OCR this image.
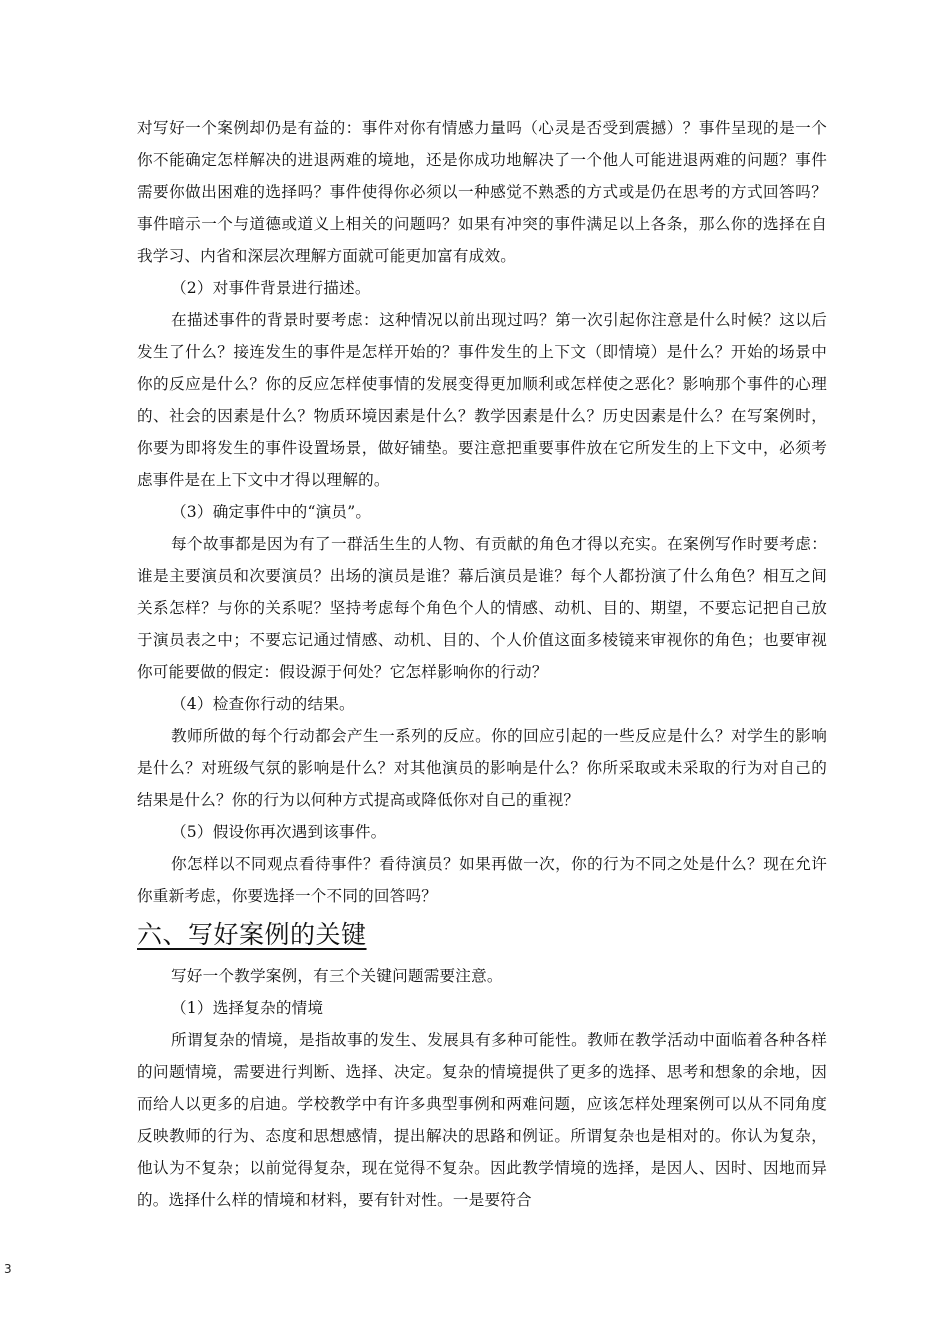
对写好一个案例却仍是有益的：事件对你有情感力量吗（心灵是否受到震撼）？事件呈现的是一个你不能确定怎样解决的进退两难的境地，还是你成功地解决了一个他人可能进退两难的问题？事件需要你做出困难的选择吗？事件使得你必须以一种感觉不熟悉的方式或是仍在思考的方式回答吗？事件暗示一个与道德或道义上相关的问题吗？如果有冲突的事件满足以上各条，那么你的选择在自我学习、内省和深层次理解方面就可能更加富有成效。

（2）对事件背景进行描述。

在描述事件的背景时要考虑：这种情况以前出现过吗？第一次引起你注意是什么时候？这以后发生了什么？接连发生的事件是怎样开始的？事件发生的上下文（即情境）是什么？开始的场景中你的反应是什么？你的反应怎样使事情的发展变得更加顺利或怎样使之恶化？影响那个事件的心理的、社会的因素是什么？物质环境因素是什么？教学因素是什么？历史因素是什么？在写案例时，你要为即将发生的事件设置场景，做好铺垫。要注意把重要事件放在它所发生的上下文中，必须考虑事件是在上下文中才得以理解的。

（3）确定事件中的“演员”。

每个故事都是因为有了一群活生生的人物、有贡献的角色才得以充实。在案例写作时要考虑：谁是主要演员和次要演员？出场的演员是谁？幕后演员是谁？每个人都扮演了什么角色？相互之间关系怎样？与你的关系呢？坚持考虑每个角色个人的情感、动机、目的、期望，不要忘记把自己放于演员表之中；不要忘记通过情感、动机、目的、个人价值这面多棱镜来审视你的角色；也要审视你可能要做的假定：假设源于何处？它怎样影响你的行动？

（4）检查你行动的结果。

教师所做的每个行动都会产生一系列的反应。你的回应引起的一些反应是什么？对学生的影响是什么？对班级气氛的影响是什么？对其他演员的影响是什么？你所采取或未采取的行为对自己的结果是什么？你的行为以何种方式提高或降低你对自己的重视？

（5）假设你再次遇到该事件。

你怎样以不同观点看待事件？看待演员？如果再做一次，你的行为不同之处是什么？现在允许你重新考虑，你要选择一个不同的回答吗？

六、写好案例的关键

写好一个教学案例，有三个关键问题需要注意。

（1）选择复杂的情境

所谓复杂的情境，是指故事的发生、发展具有多种可能性。教师在教学活动中面临着各种各样的问题情境，需要进行判断、选择、决定。复杂的情境提供了更多的选择、思考和想象的余地，因而给人以更多的启迪。学校教学中有许多典型事例和两难问题，应该怎样处理案例可以从不同角度反映教师的行为、态度和思想感情，提出解决的思路和例证。所谓复杂也是相对的。你认为复杂，他认为不复杂；以前觉得复杂，现在觉得不复杂。因此教学情境的选择，是因人、因时、因地而异的。选择什么样的情境和材料，要有针对性。一是要符合

3
